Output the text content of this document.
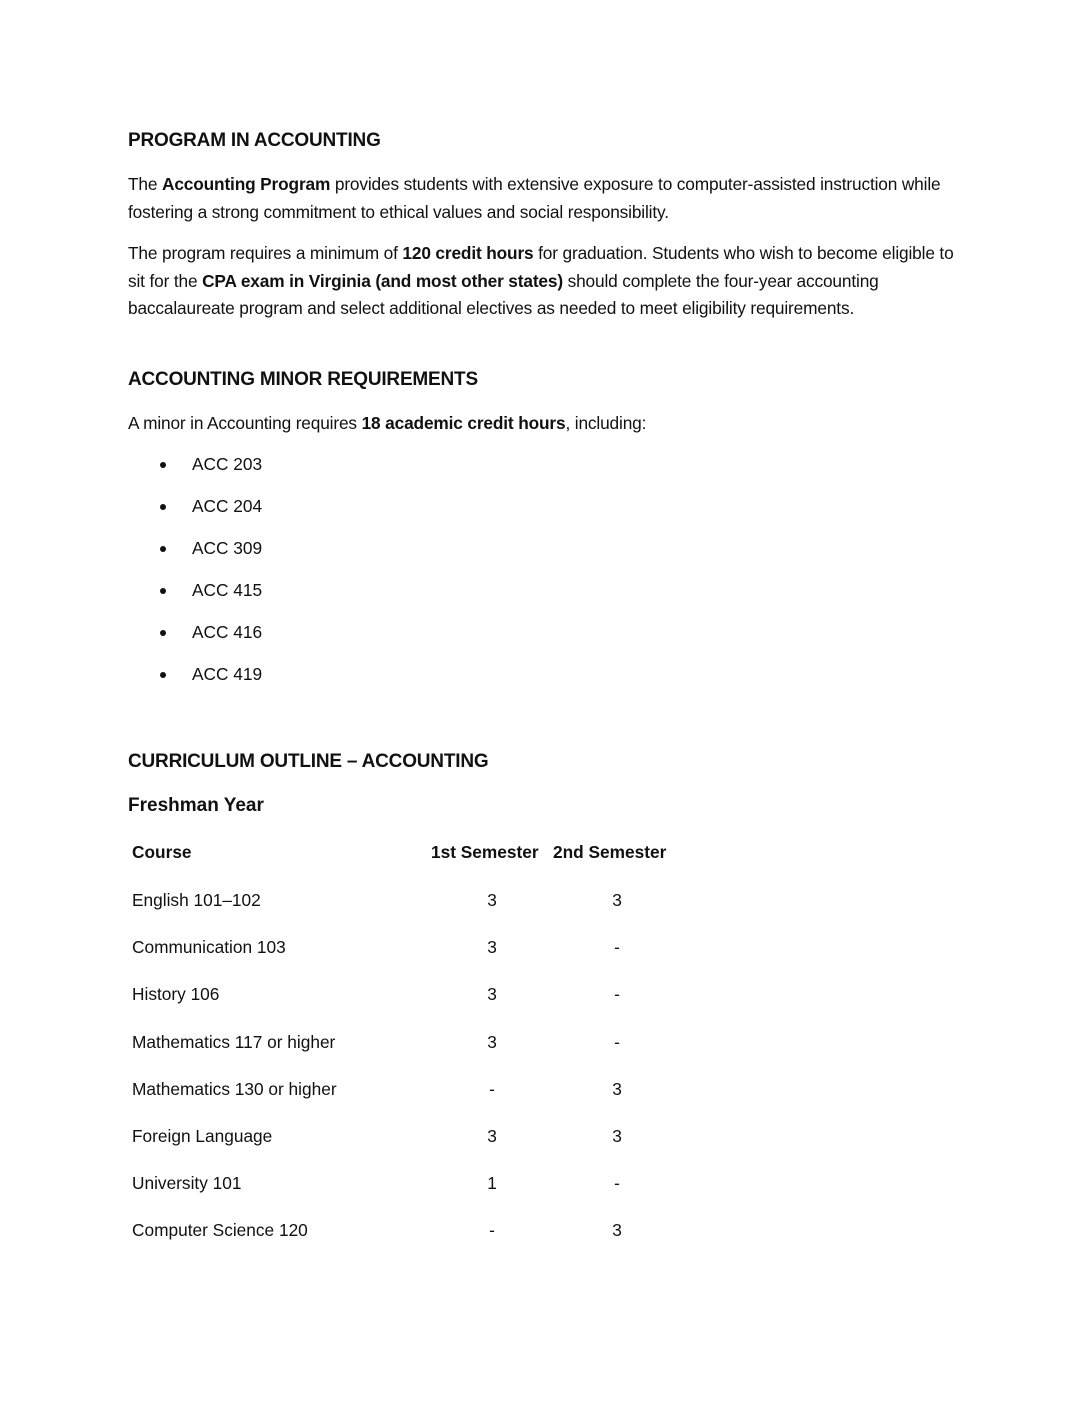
PROGRAM IN ACCOUNTING
The Accounting Program provides students with extensive exposure to computer-assisted instruction while fostering a strong commitment to ethical values and social responsibility.
The program requires a minimum of 120 credit hours for graduation. Students who wish to become eligible to sit for the CPA exam in Virginia (and most other states) should complete the four-year accounting baccalaureate program and select additional electives as needed to meet eligibility requirements.
ACCOUNTING MINOR REQUIREMENTS
A minor in Accounting requires 18 academic credit hours, including:
ACC 203
ACC 204
ACC 309
ACC 415
ACC 416
ACC 419
CURRICULUM OUTLINE – ACCOUNTING
Freshman Year
Course	1st Semester 2nd Semester
English 101–102	3	3
Communication 103	3	-
History 106	3	-
Mathematics 117 or higher	3	-
Mathematics 130 or higher	-	3
Foreign Language	3	3
University 101	1	-
Computer Science 120	-	3
